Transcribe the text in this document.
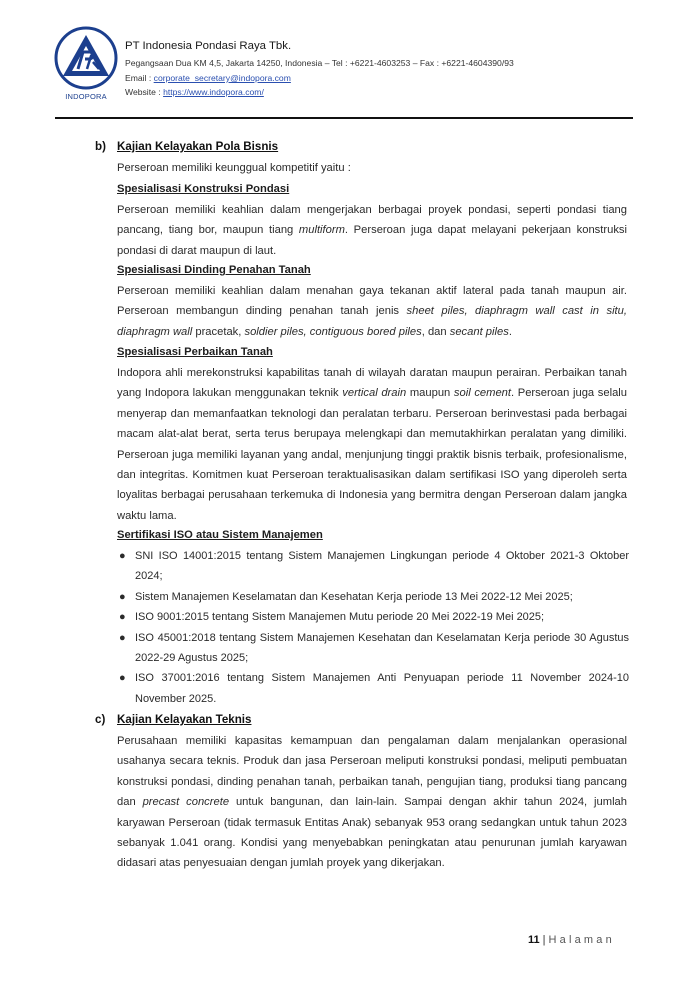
INDOPORA
PT Indonesia Pondasi Raya Tbk.
Pegangsaan Dua KM 4,5, Jakarta 14250, Indonesia – Tel : +6221-4603253 – Fax : +6221-4604390/93
Email : corporate_secretary@indopora.com
Website : https://www.indopora.com/
b) Kajian Kelayakan Pola Bisnis
Perseroan memiliki keunggual kompetitif yaitu :
Spesialisasi Konstruksi Pondasi
Perseroan memiliki keahlian dalam mengerjakan berbagai proyek pondasi, seperti pondasi tiang pancang, tiang bor, maupun tiang multiform. Perseroan juga dapat melayani pekerjaan konstruksi pondasi di darat maupun di laut.
Spesialisasi Dinding Penahan Tanah
Perseroan memiliki keahlian dalam menahan gaya tekanan aktif lateral pada tanah maupun air. Perseroan membangun dinding penahan tanah jenis sheet piles, diaphragm wall cast in situ, diaphragm wall pracetak, soldier piles, contiguous bored piles, dan secant piles.
Spesialisasi Perbaikan Tanah
Indopora ahli merekonstruksi kapabilitas tanah di wilayah daratan maupun perairan. Perbaikan tanah yang Indopora lakukan menggunakan teknik vertical drain maupun soil cement. Perseroan juga selalu menyerap dan memanfaatkan teknologi dan peralatan terbaru. Perseroan berinvestasi pada berbagai macam alat-alat berat, serta terus berupaya melengkapi dan memutakhirkan peralatan yang dimiliki. Perseroan juga memiliki layanan yang andal, menjunjung tinggi praktik bisnis terbaik, profesionalisme, dan integritas. Komitmen kuat Perseroan teraktualisasikan dalam sertifikasi ISO yang diperoleh serta loyalitas berbagai perusahaan terkemuka di Indonesia yang bermitra dengan Perseroan dalam jangka waktu lama.
Sertifikasi ISO atau Sistem Manajemen
● SNI ISO 14001:2015 tentang Sistem Manajemen Lingkungan periode 4 Oktober 2021-3 Oktober 2024;
● Sistem Manajemen Keselamatan dan Kesehatan Kerja periode 13 Mei 2022-12 Mei 2025;
● ISO 9001:2015 tentang Sistem Manajemen Mutu periode 20 Mei 2022-19 Mei 2025;
● ISO 45001:2018 tentang Sistem Manajemen Kesehatan dan Keselamatan Kerja periode 30 Agustus 2022-29 Agustus 2025;
● ISO 37001:2016 tentang Sistem Manajemen Anti Penyuapan periode 11 November 2024-10 November 2025.
c) Kajian Kelayakan Teknis
Perusahaan memiliki kapasitas kemampuan dan pengalaman dalam menjalankan operasional usahanya secara teknis. Produk dan jasa Perseroan meliputi konstruksi pondasi, meliputi pembuatan konstruksi pondasi, dinding penahan tanah, perbaikan tanah, pengujian tiang, produksi tiang pancang dan precast concrete untuk bangunan, dan lain-lain. Sampai dengan akhir tahun 2024, jumlah karyawan Perseroan (tidak termasuk Entitas Anak) sebanyak 953 orang sedangkan untuk tahun 2023 sebanyak 1.041 orang. Kondisi yang menyebabkan peningkatan atau penurunan jumlah karyawan didasari atas penyesuaian dengan jumlah proyek yang dikerjakan.
11 | Halaman
